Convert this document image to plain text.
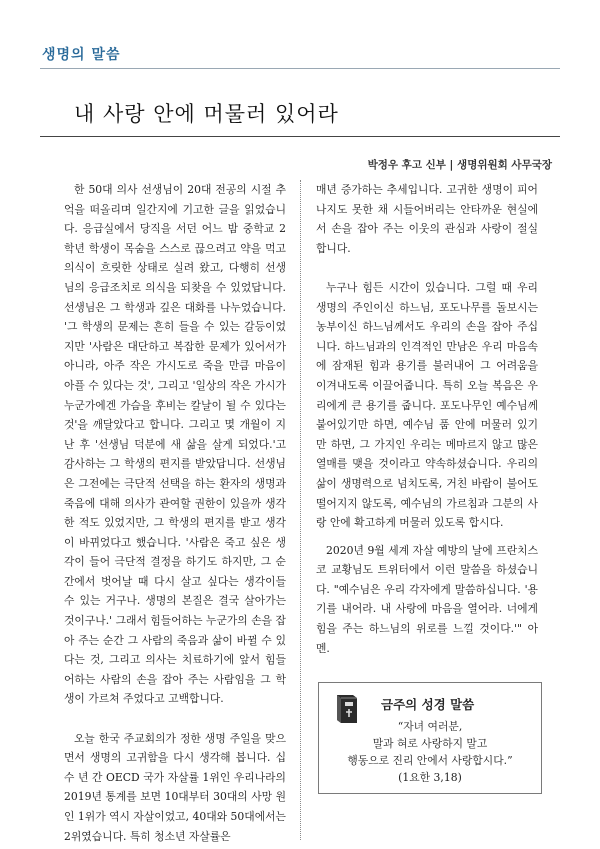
생명의 말씀
내 사랑 안에 머물러 있어라
박정우 후고 신부 | 생명위원회 사무국장

한 50대 의사 선생님이 20대 전공의 시절 추억을 떠올리며 일간지에 기고한 글을 읽었습니다. 응급실에서 당직을 서던 어느 밤 중학교 2학년 학생이 목숨을 스스로 끊으려고 약을 먹고 의식이 흐릿한 상태로 실려 왔고, 다행히 선생님의 응급조치로 의식을 되찾을 수 있었답니다. 선생님은 그 학생과 깊은 대화를 나누었습니다. '그 학생의 문제는 흔히 들을 수 있는 갈등이었지만 '사람은 대단하고 복잡한 문제가 있어서가 아니라, 아주 작은 가시도로 죽을 만큼 마음이 아플 수 있다는 것', 그리고 '일상의 작은 가시가 누군가에겐 가슴을 후비는 칼날이 될 수 있다는 것'을 깨달았다고 합니다. 그리고 몇 개월이 지난 후 '선생님 덕분에 새 삶을 살게 되었다.'고 감사하는 그 학생의 편지를 받았답니다. 선생님은 그전에는 극단적 선택을 하는 환자의 생명과 죽음에 대해 의사가 관여할 권한이 있을까 생각한 적도 있었지만, 그 학생의 편지를 받고 생각이 바뀌었다고 했습니다. '사람은 죽고 싶은 생각이 들어 극단적 결정을 하기도 하지만, 그 순간에서 벗어날 때 다시 살고 싶다는 생각이들 수 있는 거구나. 생명의 본질은 결국 살아가는 것이구나.' 그래서 힘들어하는 누군가의 손을 잡아 주는 순간 그 사람의 죽음과 삶이 바뀔 수 있다는 것, 그리고 의사는 치료하기에 앞서 힘들어하는 사람의 손을 잡아 주는 사람임을 그 학생이 가르쳐 주었다고 고백합니다.

오늘 한국 주교회의가 정한 생명 주일을 맞으면서 생명의 고귀함을 다시 생각해 봅니다. 십수 년 간 OECD 국가 자살률 1위인 우리나라의 2019년 통계를 보면 10대부터 30대의 사망 원인 1위가 역시 자살이었고, 40대와 50대에서는 2위였습니다. 특히 청소년 자살률은

매년 증가하는 추세입니다. 고귀한 생명이 피어나지도 못한 채 시들어버리는 안타까운 현실에서 손을 잡아 주는 이웃의 관심과 사랑이 절실합니다.

누구나 힘든 시간이 있습니다. 그럴 때 우리 생명의 주인이신 하느님, 포도나무를 돌보시는 농부이신 하느님께서도 우리의 손을 잡아 주십니다. 하느님과의 인격적인 만남은 우리 마음속에 잠재된 힘과 용기를 불러내어 그 어려움을 이겨내도록 이끌어줍니다. 특히 오늘 복음은 우리에게 큰 용기를 줍니다. 포도나무인 예수님께 붙어있기만 하면, 예수님 품 안에 머물러 있기만 하면, 그 가지인 우리는 메마르지 않고 많은 열매를 맺을 것이라고 약속하셨습니다. 우리의 삶이 생명력으로 넘치도록, 거친 바람이 불어도 떨어지지 않도록, 예수님의 가르침과 그분의 사랑 안에 확고하게 머물러 있도록 합시다.

2020년 9월 세계 자살 예방의 날에 프란치스코 교황님도 트위터에서 이런 말씀을 하셨습니다. "예수님은 우리 각자에게 말씀하십니다. '용기를 내어라. 내 사랑에 마음을 열어라. 너에게 힘을 주는 하느님의 위로를 느낄 것이다.'" 아멘.

금주의 성경 말씀
“자녀 여러분,
말과 혀로 사랑하지 말고
행동으로 진리 안에서 사랑합시다.”
(1요한 3,18)
